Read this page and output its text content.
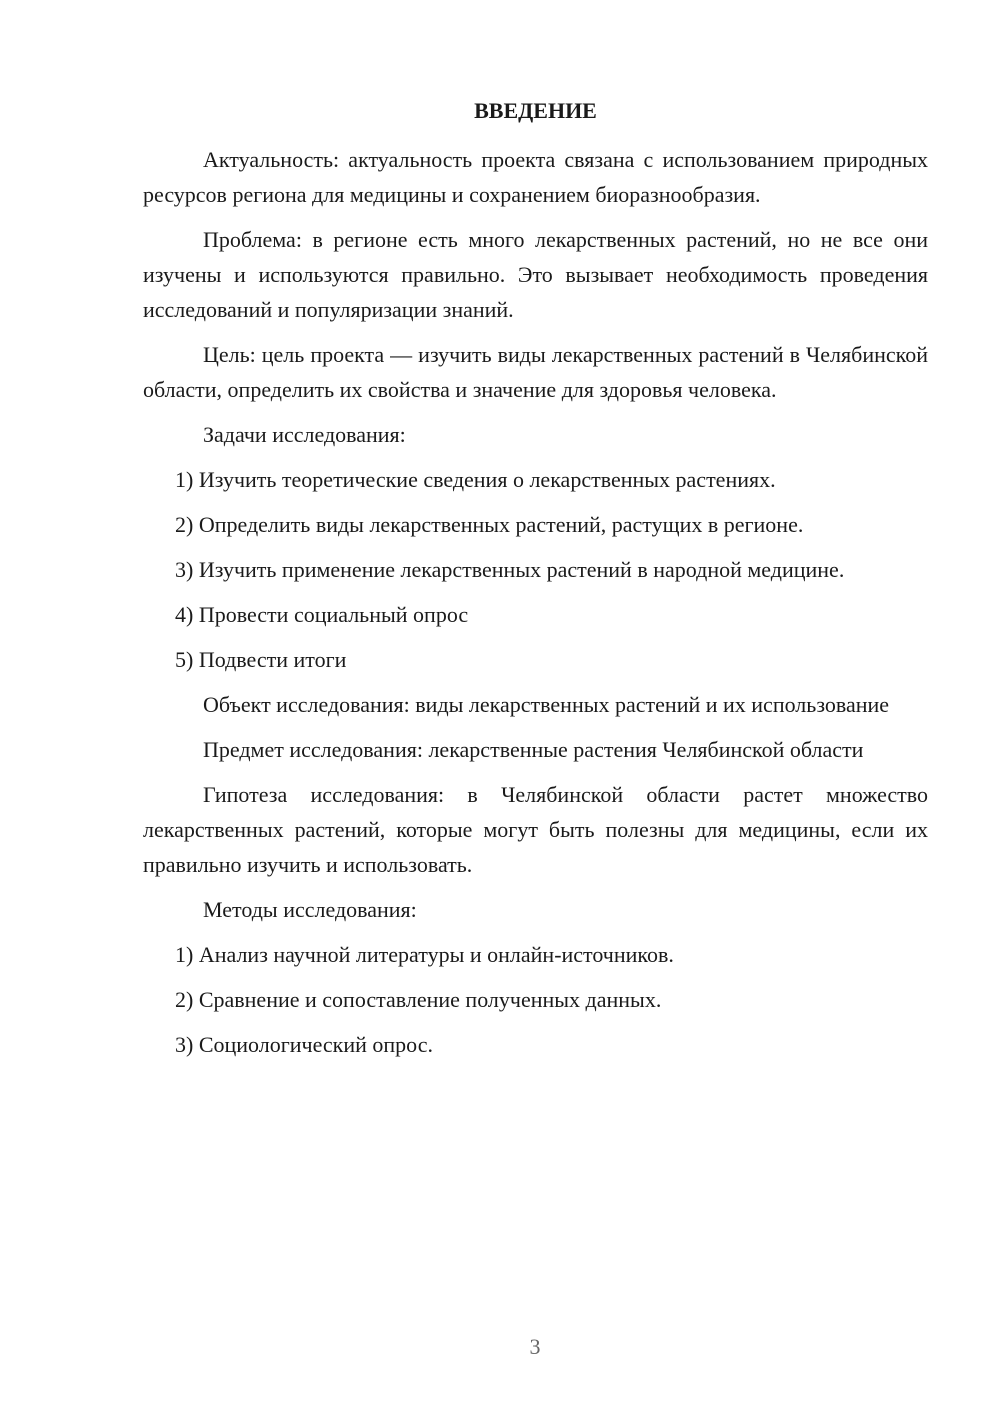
ВВЕДЕНИЕ

Актуальность: актуальность проекта связана с использованием природных ресурсов региона для медицины и сохранением биоразнообразия.

Проблема: в регионе есть много лекарственных растений, но не все они изучены и используются правильно. Это вызывает необходимость проведения исследований и популяризации знаний.

Цель: цель проекта — изучить виды лекарственных растений в Челябинской области, определить их свойства и значение для здоровья человека.

Задачи исследования:

1) Изучить теоретические сведения о лекарственных растениях.
2) Определить виды лекарственных растений, растущих в регионе.
3) Изучить применение лекарственных растений в народной медицине.
4) Провести социальный опрос
5) Подвести итоги

Объект исследования: виды лекарственных растений и их использование

Предмет исследования: лекарственные растения Челябинской области

Гипотеза исследования: в Челябинской области растет множество лекарственных растений, которые могут быть полезны для медицины, если их правильно изучить и использовать.

Методы исследования:

1) Анализ научной литературы и онлайн-источников.
2) Сравнение и сопоставление полученных данных.
3) Социологический опрос.
3
